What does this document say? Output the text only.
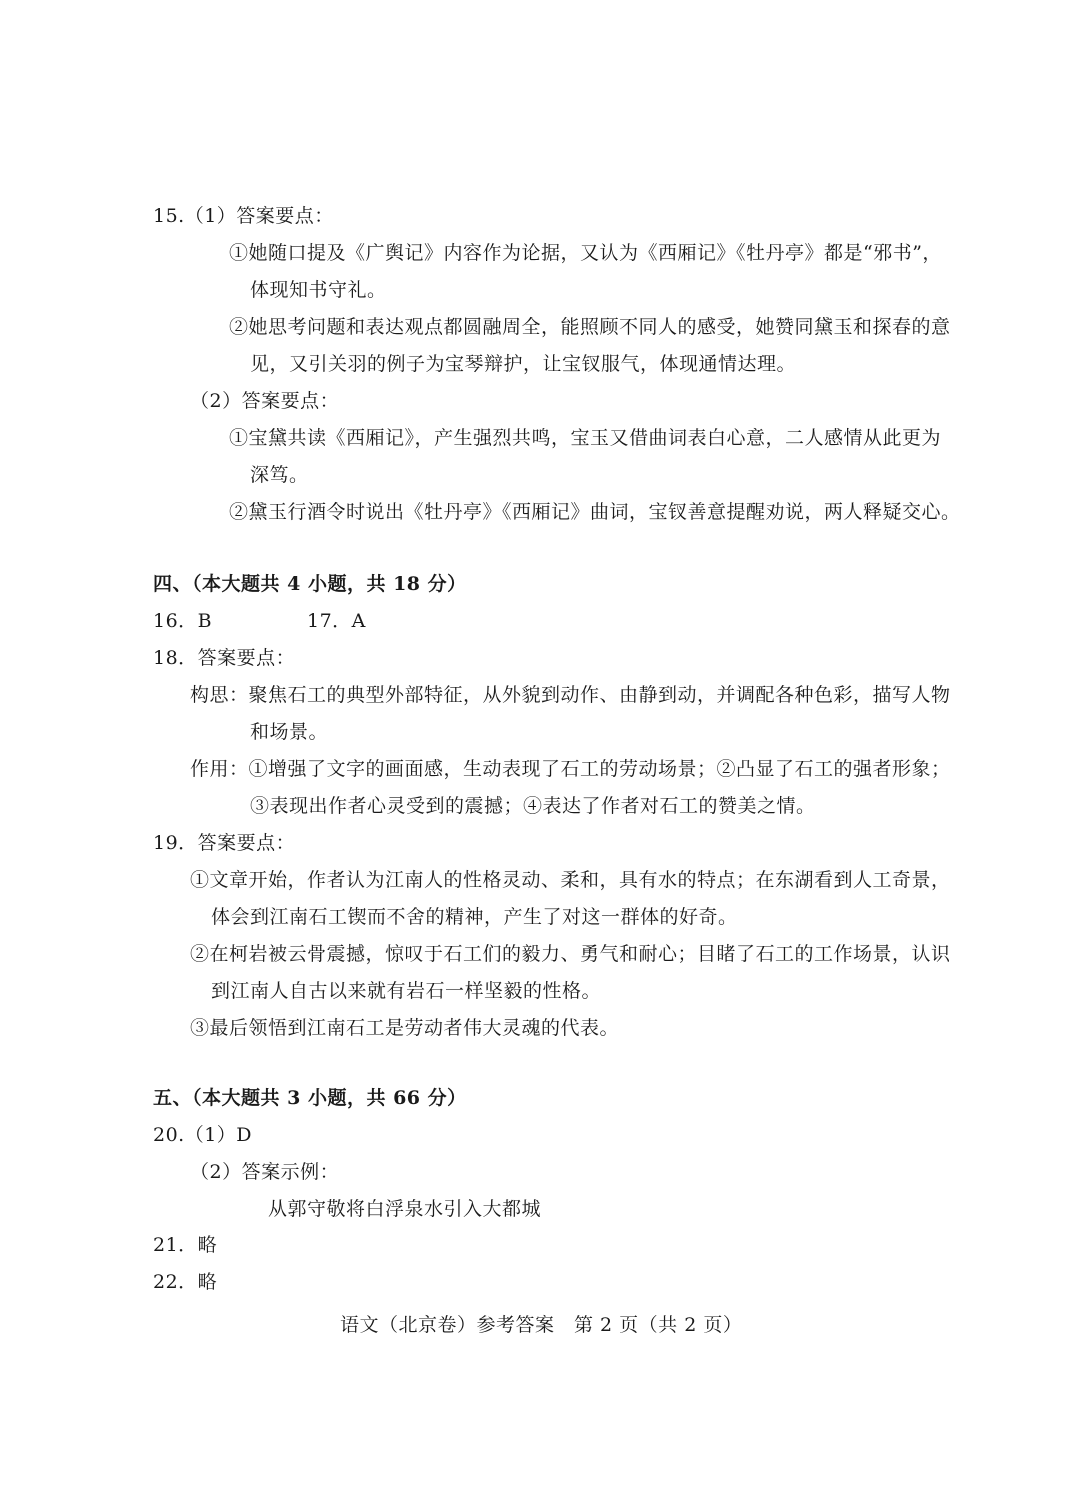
15.（1）答案要点：
①她随口提及《广舆记》内容作为论据，又认为《西厢记》《牡丹亭》都是“邪书”，
体现知书守礼。
②她思考问题和表达观点都圆融周全，能照顾不同人的感受，她赞同黛玉和探春的意
见，又引关羽的例子为宝琴辩护，让宝钗服气，体现通情达理。
（2）答案要点：
①宝黛共读《西厢记》，产生强烈共鸣，宝玉又借曲词表白心意，二人感情从此更为
深笃。
②黛玉行酒令时说出《牡丹亭》《西厢记》曲词，宝钗善意提醒劝说，两人释疑交心。
四、（本大题共 4 小题，共 18 分）
16．B	17．A
18．答案要点：
构思：聚焦石工的典型外部特征，从外貌到动作、由静到动，并调配各种色彩，描写人物
和场景。
作用：①增强了文字的画面感，生动表现了石工的劳动场景；②凸显了石工的强者形象；
③表现出作者心灵受到的震撼；④表达了作者对石工的赞美之情。
19．答案要点：
①文章开始，作者认为江南人的性格灵动、柔和，具有水的特点；在东湖看到人工奇景，
体会到江南石工锲而不舍的精神，产生了对这一群体的好奇。
②在柯岩被云骨震撼，惊叹于石工们的毅力、勇气和耐心；目睹了石工的工作场景，认识
到江南人自古以来就有岩石一样坚毅的性格。
③最后领悟到江南石工是劳动者伟大灵魂的代表。
五、（本大题共 3 小题，共 66 分）
20.（1）D
（2）答案示例：
从郭守敬将白浮泉水引入大都城
21．略
22．略
语文（北京卷）参考答案　第 2 页（共 2 页）
